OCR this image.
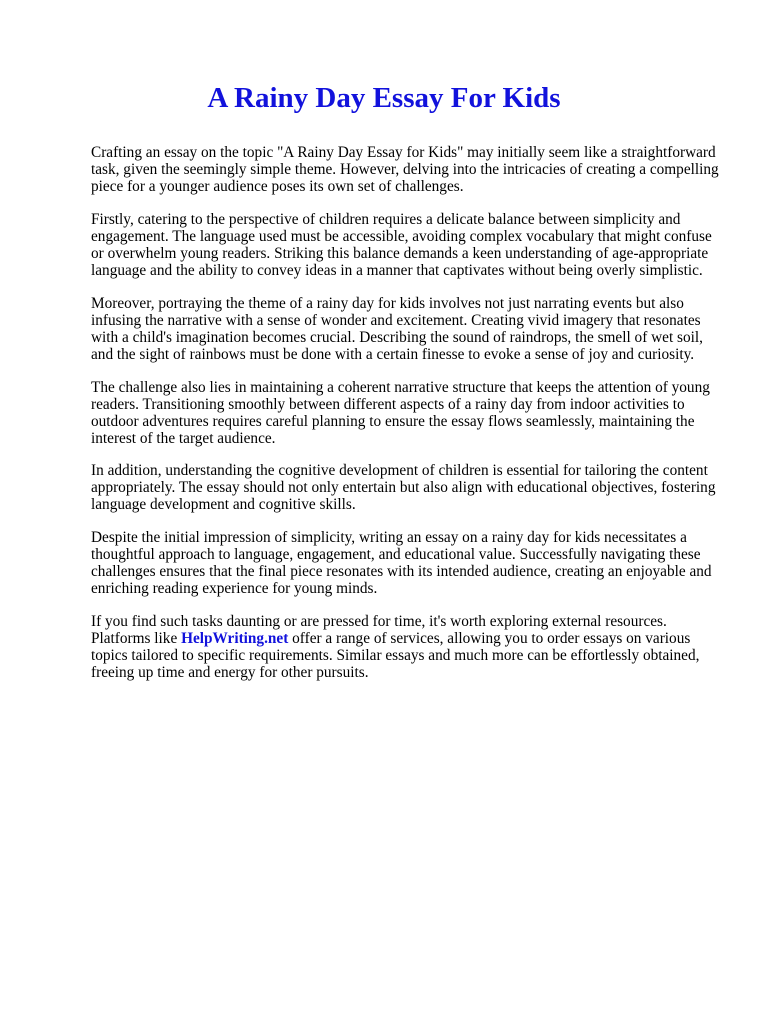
A Rainy Day Essay For Kids

Crafting an essay on the topic "A Rainy Day Essay for Kids" may initially seem like a straightforward task, given the seemingly simple theme. However, delving into the intricacies of creating a compelling piece for a younger audience poses its own set of challenges.

Firstly, catering to the perspective of children requires a delicate balance between simplicity and engagement. The language used must be accessible, avoiding complex vocabulary that might confuse or overwhelm young readers. Striking this balance demands a keen understanding of age-appropriate language and the ability to convey ideas in a manner that captivates without being overly simplistic.

Moreover, portraying the theme of a rainy day for kids involves not just narrating events but also infusing the narrative with a sense of wonder and excitement. Creating vivid imagery that resonates with a child's imagination becomes crucial. Describing the sound of raindrops, the smell of wet soil, and the sight of rainbows must be done with a certain finesse to evoke a sense of joy and curiosity.

The challenge also lies in maintaining a coherent narrative structure that keeps the attention of young readers. Transitioning smoothly between different aspects of a rainy day from indoor activities to outdoor adventures requires careful planning to ensure the essay flows seamlessly, maintaining the interest of the target audience.

In addition, understanding the cognitive development of children is essential for tailoring the content appropriately. The essay should not only entertain but also align with educational objectives, fostering language development and cognitive skills.

Despite the initial impression of simplicity, writing an essay on a rainy day for kids necessitates a thoughtful approach to language, engagement, and educational value. Successfully navigating these challenges ensures that the final piece resonates with its intended audience, creating an enjoyable and enriching reading experience for young minds.

If you find such tasks daunting or are pressed for time, it's worth exploring external resources. Platforms like HelpWriting.net offer a range of services, allowing you to order essays on various topics tailored to specific requirements. Similar essays and much more can be effortlessly obtained, freeing up time and energy for other pursuits.
